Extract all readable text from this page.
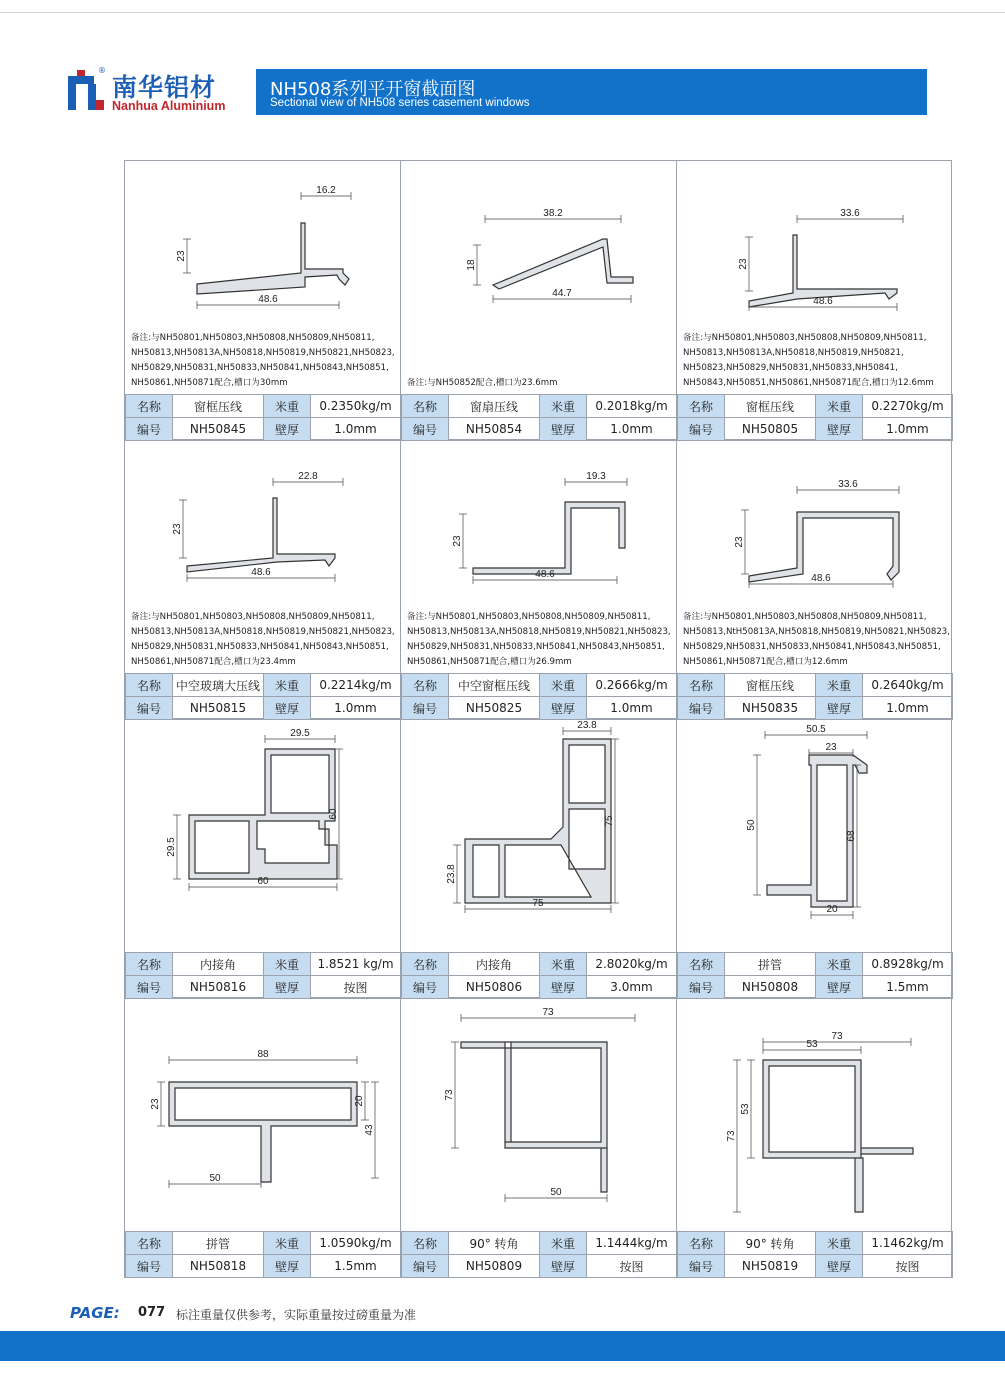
®
南华铝材
Nanhua Aluminium
NH508系列平开窗截面图
Sectional view of NH508 series casement windows
16.2
48.6
23
备注:与NH50801,NH50803,NH50808,NH50809,NH50811,
NH50813,NH50813A,NH50818,NH50819,NH50821,NH50823,
NH50829,NH50831,NH50833,NH50841,NH50843,NH50851,
NH50861,NH50871配合,槽口为30mm
名称	窗框压线	米重	0.2350kg/m
编号	NH50845	壁厚	1.0mm
38.2
44.7
18
备注:与NH50852配合,槽口为23.6mm
名称	窗扇压线	米重	0.2018kg/m
编号	NH50854	壁厚	1.0mm
33.6
48.6
23
备注:与NH50801,NH50803,NH50808,NH50809,NH50811,
NH50813,NH50813A,NH50818,NH50819,NH50821,
NH50823,NH50829,NH50831,NH50833,NH50841,
NH50843,NH50851,NH50861,NH50871配合,槽口为12.6mm
名称	窗框压线	米重	0.2270kg/m
编号	NH50805	壁厚	1.0mm
22.8
48.6
23
备注:与NH50801,NH50803,NH50808,NH50809,NH50811,
NH50813,NH50813A,NH50818,NH50819,NH50821,NH50823,
NH50829,NH50831,NH50833,NH50841,NH50843,NH50851,
NH50861,NH50871配合,槽口为23.4mm
名称	中空玻璃大压线	米重	0.2214kg/m
编号	NH50815	壁厚	1.0mm
19.3
48.6
23
备注:与NH50801,NH50803,NH50808,NH50809,NH50811,
NH50813,NH50813A,NH50818,NH50819,NH50821,NH50823,
NH50829,NH50831,NH50833,NH50841,NH50843,NH50851,
NH50861,NH50871配合,槽口为26.9mm
名称	中空窗框压线	米重	0.2666kg/m
编号	NH50825	壁厚	1.0mm
33.6
48.6
23
备注:与NH50801,NH50803,NH50808,NH50809,NH50811,
NH50813,NtH50813A,NH50818,NH50819,NH50821,NH50823,
NH50829,NH50831,NH50833,NH50841,NH50843,NH50851,
NH50861,NH50871配合,槽口为12.6mm
名称	窗框压线	米重	0.2640kg/m
编号	NH50835	壁厚	1.0mm
29.5
60
60
29.5
名称	内接角	米重	1.8521 kg/m
编号	NH50816	壁厚	按图
23.8
75
75
23.8
名称	内接角	米重	2.8020kg/m
编号	NH50806	壁厚	3.0mm
50.5
23
20
50
68
名称	拼管	米重	0.8928kg/m
编号	NH50808	壁厚	1.5mm
88
50
23	20
43
名称	拼管	米重	1.0590kg/m
编号	NH50818	壁厚	1.5mm
73
50
73
名称	90° 转角	米重	1.1444kg/m
编号	NH50809	壁厚	按图
73
53
73
53
名称	90° 转角	米重	1.1462kg/m
编号	NH50819	壁厚	按图
PAGE: 077 标注重量仅供参考，实际重量按过磅重量为准
